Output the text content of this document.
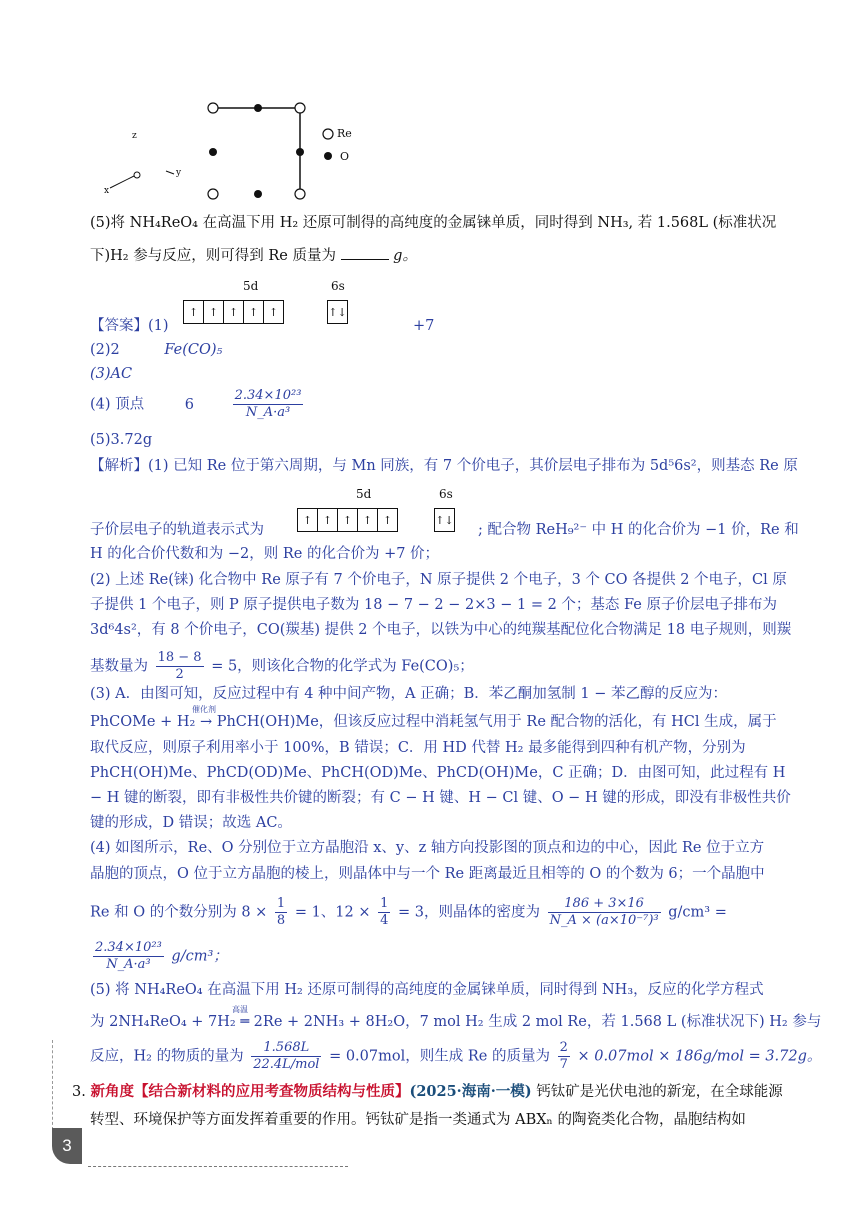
Re
O
z
y
x
(5)将 NH₄ReO₄ 在高温下用 H₂ 还原可制得的高纯度的金属铼单质，同时得到 NH₃, 若 1.568L (标准状况
下)H₂ 参与反应，则可得到 Re 质量为	g。
5d	6s
【答案】(1)
↑ ↑ ↑ ↑ ↑	↑↓
+7
(2)2	Fe(CO)₅
(3)AC
(4) 顶点	6	$\frac{\text{2.34×10²³}}{\text{N\_A·a³}}$
(5)3.72g
【解析】(1) 已知 Re 位于第六周期，与 Mn 同族，有 7 个价电子，其价层电子排布为 5d⁵6s²，则基态 Re 原
5d	6s
子价层电子的轨道表示式为
↑ ↑ ↑ ↑ ↑	↑↓
; 配合物 ReH₉²⁻ 中 H 的化合价为 −1 价，Re 和
H 的化合价代数和为 −2，则 Re 的化合价为 +7 价；
(2) 上述 Re(铼) 化合物中 Re 原子有 7 个价电子，N 原子提供 2 个电子，3 个 CO 各提供 2 个电子，Cl 原
子提供 1 个电子，则 P 原子提供电子数为 18 − 7 − 2 − 2×3 − 1 = 2 个；基态 Fe 原子价层电子排布为
3d⁶4s²，有 8 个价电子，CO(羰基) 提供 2 个电子，以铁为中心的纯羰基配位化合物满足 18 电子规则，则羰
基数量为 $\frac{18 - 8}{2} = 5$，则该化合物的化学式为 Fe(CO)₅；
(3) A．由图可知，反应过程中有 4 种中间产物，A 正确；B．苯乙酮加氢制 1 − 苯乙醇的反应为：
催化剂
PhCOMe + H₂ → PhCH(OH)Me，但该反应过程中消耗氢气用于 Re 配合物的活化，有 HCl 生成，属于
取代反应，则原子利用率小于 100%，B 错误；C．用 HD 代替 H₂ 最多能得到四种有机产物，分别为
PhCH(OH)Me、PhCD(OD)Me、PhCH(OD)Me、PhCD(OH)Me，C 正确；D．由图可知，此过程有 H
− H 键的断裂，即有非极性共价键的断裂；有 C − H 键、H − Cl 键、O − H 键的形成，即没有非极性共价
键的形成，D 错误；故选 AC。
(4) 如图所示，Re、O 分别位于立方晶胞沿 x、y、z 轴方向投影图的顶点和边的中心，因此 Re 位于立方
晶胞的顶点，O 位于立方晶胞的棱上，则晶体中与一个 Re 距离最近且相等的 O 的个数为 6；一个晶胞中
Re 和 O 的个数分别为 $8 \times \frac{1}{8} = 1$、$12 \times \frac{1}{4} = 3$，则晶体的密度为 $\frac{186 + 3\times 16}{\text{N\_A × (a×10⁻⁷)³}} g/cm^3$ =
$\frac{\text{2.34×10²³}}{\text{N\_A·a³}} g/cm^3$；
(5) 将 NH₄ReO₄ 在高温下用 H₂ 还原可制得的高纯度的金属铼单质，同时得到 NH₃，反应的化学方程式
高温
为 2NH₄ReO₄ + 7H₂ ═ 2Re + 2NH₃ + 8H₂O，7 mol H₂ 生成 2 mol Re，若 1.568 L (标准状况下) H₂ 参与
反应，H₂ 的物质的量为 $\frac{1.568L}{\text{22.4L/mol}} = 0.07mol$，则生成 Re 的质量为 $\frac{2}{7} \times 0.07mol \times 186g/mol = 3.72g$。
3. 新角度【结合新材料的应用考查物质结构与性质】(2025·海南·一模) 钙钛矿是光伏电池的新宠，在全球能源
转型、环境保护等方面发挥着重要的作用。钙钛矿是指一类通式为 ABXₙ 的陶瓷类化合物，晶胞结构如
3
